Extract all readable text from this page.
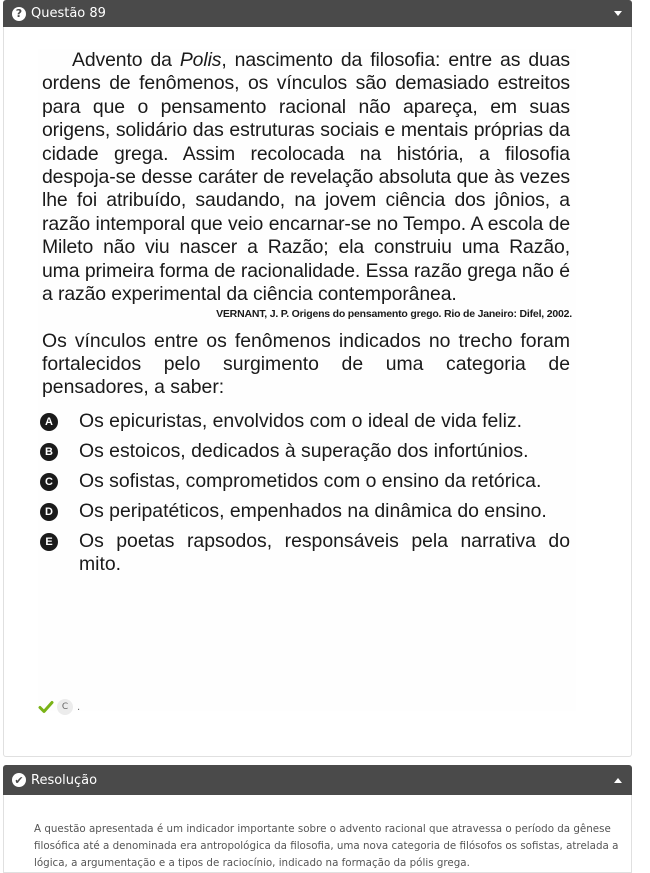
? Questão 89

Advento da Polis, nascimento da filosofia: entre as duas ordens de fenômenos, os vínculos são demasiado estreitos para que o pensamento racional não apareça, em suas origens, solidário das estruturas sociais e mentais próprias da cidade grega. Assim recolocada na história, a filosofia despoja-se desse caráter de revelação absoluta que às vezes lhe foi atribuído, saudando, na jovem ciência dos jônios, a razão intemporal que veio encarnar-se no Tempo. A escola de Mileto não viu nascer a Razão; ela construiu uma Razão, uma primeira forma de racionalidade. Essa razão grega não é a razão experimental da ciência contemporânea.

VERNANT, J. P. Origens do pensamento grego. Rio de Janeiro: Difel, 2002.

Os vínculos entre os fenômenos indicados no trecho foram fortalecidos pelo surgimento de uma categoria de pensadores, a saber:

A Os epicuristas, envolvidos com o ideal de vida feliz.
B Os estoicos, dedicados à superação dos infortúnios.
C Os sofistas, comprometidos com o ensino da retórica.
D Os peripatéticos, empenhados na dinâmica do ensino.
E Os poetas rapsodos, responsáveis pela narrativa do mito.
C .
✔ Resolução

A questão apresentada é um indicador importante sobre o advento racional que atravessa o período da gênese filosófica até a denominada era antropológica da filosofia, uma nova categoria de filósofos os sofistas, atrelada a lógica, a argumentação e a tipos de raciocínio, indicado na formação da pólis grega.
